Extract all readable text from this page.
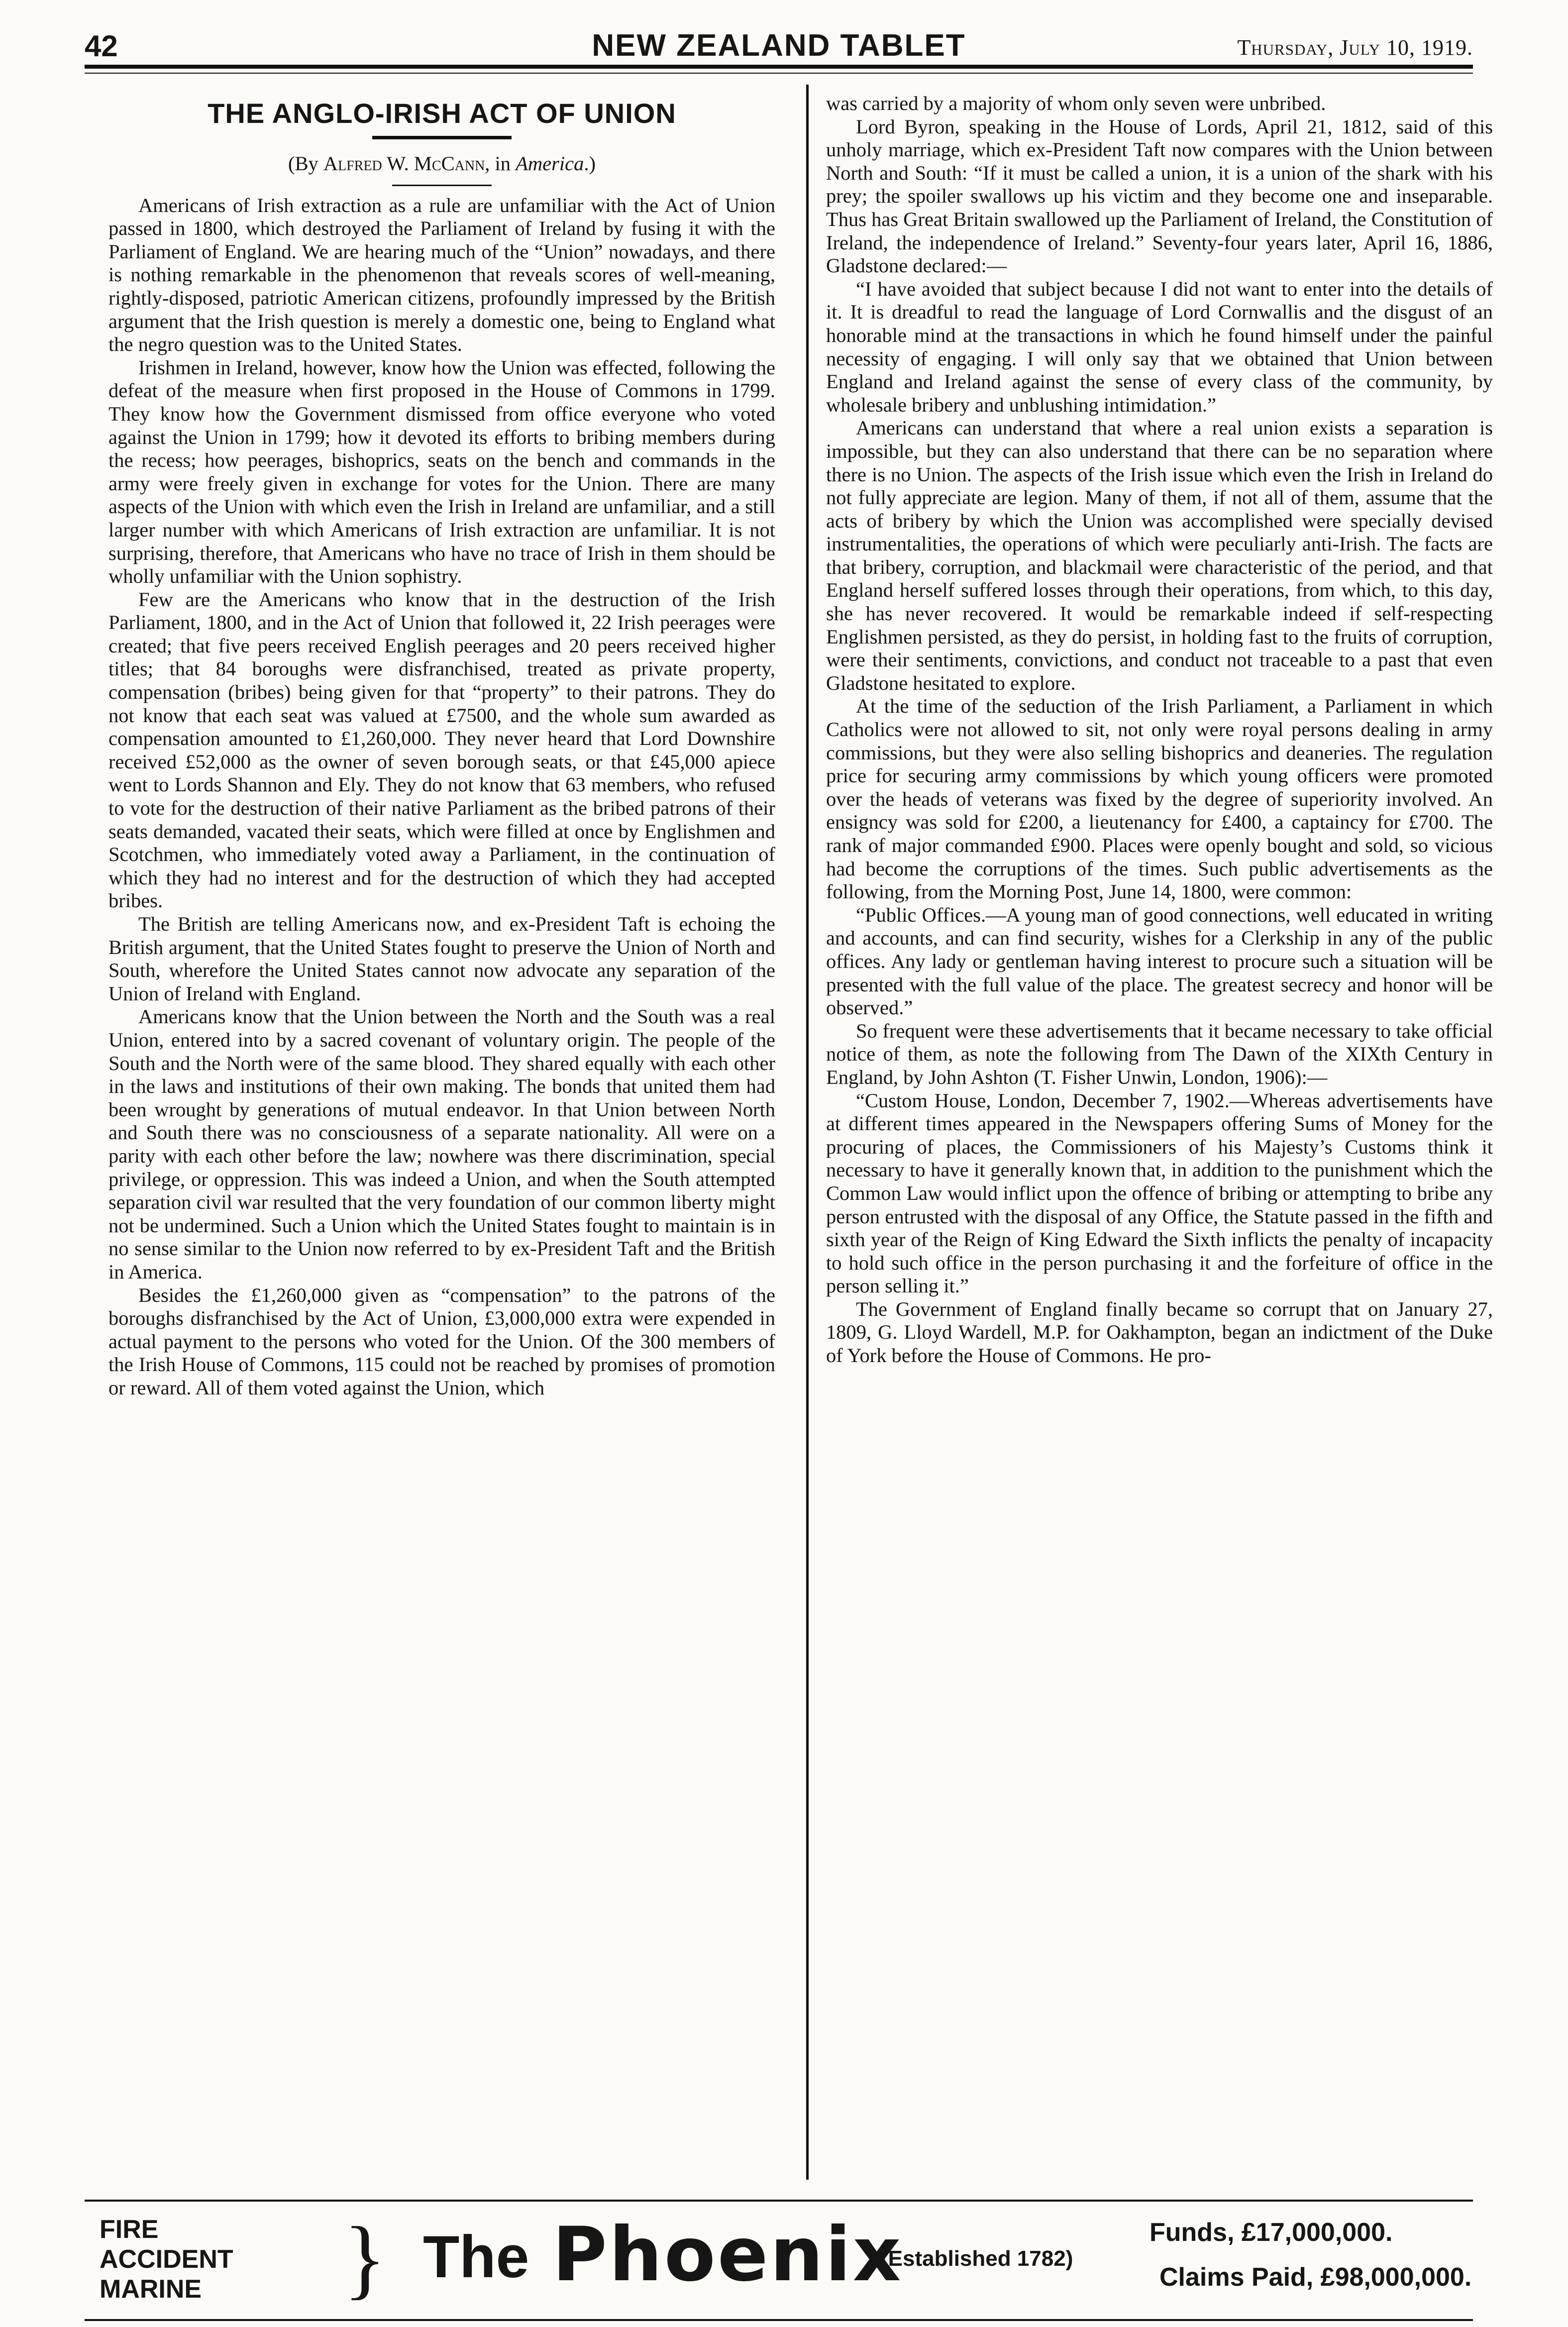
42	NEW ZEALAND TABLET	Thursday, July 10, 1919.
THE ANGLO-IRISH ACT OF UNION
(By Alfred W. McCann, in America.)

Americans of Irish extraction as a rule are unfamiliar with the Act of Union passed in 1800, which destroyed the Parliament of Ireland by fusing it with the Parliament of England. We are hearing much of the “Union” nowadays, and there is nothing remarkable in the phenomenon that reveals scores of well-meaning, rightly-disposed, patriotic American citizens, profoundly impressed by the British argument that the Irish question is merely a domestic one, being to England what the negro question was to the United States.

Irishmen in Ireland, however, know how the Union was effected, following the defeat of the measure when first proposed in the House of Commons in 1799. They know how the Government dismissed from office everyone who voted against the Union in 1799; how it devoted its efforts to bribing members during the recess; how peerages, bishoprics, seats on the bench and commands in the army were freely given in exchange for votes for the Union. There are many aspects of the Union with which even the Irish in Ireland are unfamiliar, and a still larger number with which Americans of Irish extraction are unfamiliar. It is not surprising, therefore, that Americans who have no trace of Irish in them should be wholly unfamiliar with the Union sophistry.

Few are the Americans who know that in the destruction of the Irish Parliament, 1800, and in the Act of Union that followed it, 22 Irish peerages were created; that five peers received English peerages and 20 peers received higher titles; that 84 boroughs were disfranchised, treated as private property, compensation (bribes) being given for that “property” to their patrons. They do not know that each seat was valued at £7500, and the whole sum awarded as compensation amounted to £1,260,000. They never heard that Lord Downshire received £52,000 as the owner of seven borough seats, or that £45,000 apiece went to Lords Shannon and Ely. They do not know that 63 members, who refused to vote for the destruction of their native Parliament as the bribed patrons of their seats demanded, vacated their seats, which were filled at once by Englishmen and Scotchmen, who immediately voted away a Parliament, in the continuation of which they had no interest and for the destruction of which they had accepted bribes.

The British are telling Americans now, and ex-President Taft is echoing the British argument, that the United States fought to preserve the Union of North and South, wherefore the United States cannot now advocate any separation of the Union of Ireland with England.

Americans know that the Union between the North and the South was a real Union, entered into by a sacred covenant of voluntary origin. The people of the South and the North were of the same blood. They shared equally with each other in the laws and institutions of their own making. The bonds that united them had been wrought by generations of mutual endeavor. In that Union between North and South there was no consciousness of a separate nationality. All were on a parity with each other before the law; nowhere was there discrimination, special privilege, or oppression. This was indeed a Union, and when the South attempted separation civil war resulted that the very foundation of our common liberty might not be undermined. Such a Union which the United States fought to maintain is in no sense similar to the Union now referred to by ex-President Taft and the British in America.

Besides the £1,260,000 given as “compensation” to the patrons of the boroughs disfranchised by the Act of Union, £3,000,000 extra were expended in actual payment to the persons who voted for the Union. Of the 300 members of the Irish House of Commons, 115 could not be reached by promises of promotion or reward. All of them voted against the Union, which

was carried by a majority of whom only seven were unbribed.

Lord Byron, speaking in the House of Lords, April 21, 1812, said of this unholy marriage, which ex-President Taft now compares with the Union between North and South: “If it must be called a union, it is a union of the shark with his prey; the spoiler swallows up his victim and they become one and inseparable. Thus has Great Britain swallowed up the Parliament of Ireland, the Constitution of Ireland, the independence of Ireland.” Seventy-four years later, April 16, 1886, Gladstone declared:—

“I have avoided that subject because I did not want to enter into the details of it. It is dreadful to read the language of Lord Cornwallis and the disgust of an honorable mind at the transactions in which he found himself under the painful necessity of engaging. I will only say that we obtained that Union between England and Ireland against the sense of every class of the community, by wholesale bribery and unblushing intimidation.”

Americans can understand that where a real union exists a separation is impossible, but they can also understand that there can be no separation where there is no Union. The aspects of the Irish issue which even the Irish in Ireland do not fully appreciate are legion. Many of them, if not all of them, assume that the acts of bribery by which the Union was accomplished were specially devised instrumentalities, the operations of which were peculiarly anti-Irish. The facts are that bribery, corruption, and blackmail were characteristic of the period, and that England herself suffered losses through their operations, from which, to this day, she has never recovered. It would be remarkable indeed if self-respecting Englishmen persisted, as they do persist, in holding fast to the fruits of corruption, were their sentiments, convictions, and conduct not traceable to a past that even Gladstone hesitated to explore.

At the time of the seduction of the Irish Parliament, a Parliament in which Catholics were not allowed to sit, not only were royal persons dealing in army commissions, but they were also selling bishoprics and deaneries. The regulation price for securing army commissions by which young officers were promoted over the heads of veterans was fixed by the degree of superiority involved. An ensigncy was sold for £200, a lieutenancy for £400, a captaincy for £700. The rank of major commanded £900. Places were openly bought and sold, so vicious had become the corruptions of the times. Such public advertisements as the following, from the Morning Post, June 14, 1800, were common:

“Public Offices.—A young man of good connections, well educated in writing and accounts, and can find security, wishes for a Clerkship in any of the public offices. Any lady or gentleman having interest to procure such a situation will be presented with the full value of the place. The greatest secrecy and honor will be observed.”

So frequent were these advertisements that it became necessary to take official notice of them, as note the following from The Dawn of the XIXth Century in England, by John Ashton (T. Fisher Unwin, London, 1906):—

“Custom House, London, December 7, 1902.—Whereas advertisements have at different times appeared in the Newspapers offering Sums of Money for the procuring of places, the Commissioners of his Majesty’s Customs think it necessary to have it generally known that, in addition to the punishment which the Common Law would inflict upon the offence of bribing or attempting to bribe any person entrusted with the disposal of any Office, the Statute passed in the fifth and sixth year of the Reign of King Edward the Sixth inflicts the penalty of incapacity to hold such office in the person purchasing it and the forfeiture of office in the person selling it.”

The Government of England finally became so corrupt that on January 27, 1809, G. Lloyd Wardell, M.P. for Oakhampton, began an indictment of the Duke of York before the House of Commons. He pro-

FIRE
ACCIDENT
MARINE	} The Phoenix
(Established 1782)
Funds, £17,000,000.
Claims Paid, £98,000,000.
